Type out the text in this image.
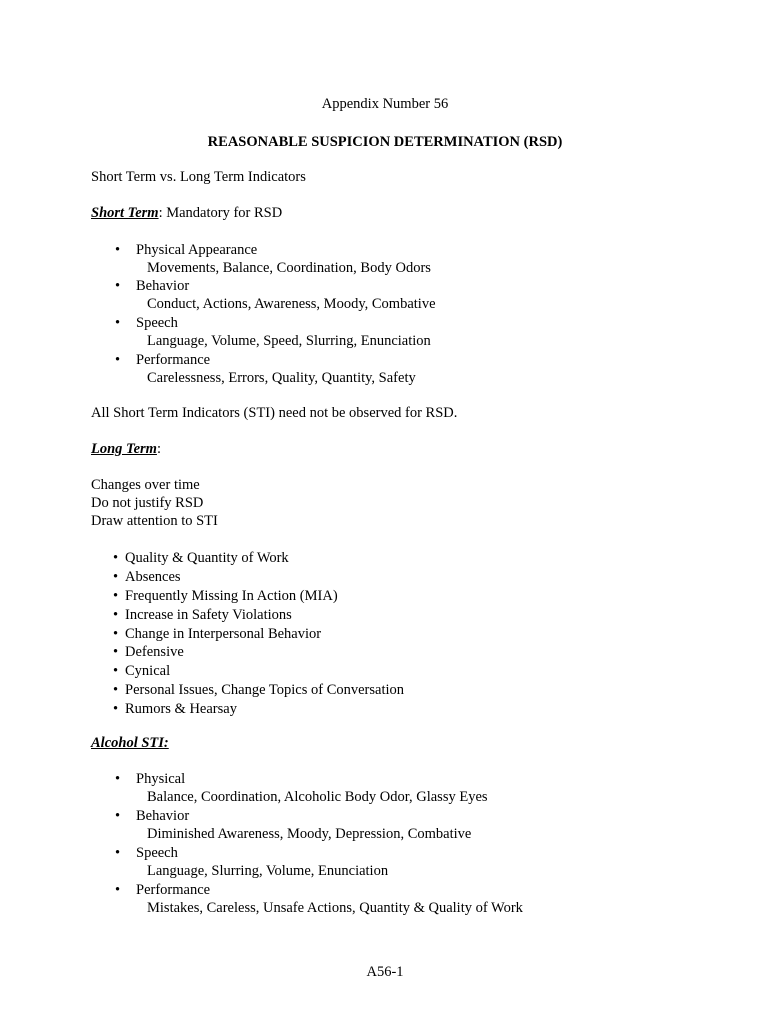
Appendix Number 56
REASONABLE SUSPICION DETERMINATION (RSD)
Short Term vs. Long Term Indicators
Short Term: Mandatory for RSD
• Physical Appearance
Movements, Balance, Coordination, Body Odors
• Behavior
Conduct, Actions, Awareness, Moody, Combative
• Speech
Language, Volume, Speed, Slurring, Enunciation
• Performance
Carelessness, Errors, Quality, Quantity, Safety
All Short Term Indicators (STI) need not be observed for RSD.
Long Term:
Changes over time
Do not justify RSD
Draw attention to STI
• Quality & Quantity of Work
• Absences
• Frequently Missing In Action (MIA)
• Increase in Safety Violations
• Change in Interpersonal Behavior
• Defensive
• Cynical
• Personal Issues, Change Topics of Conversation
• Rumors & Hearsay
Alcohol STI:
• Physical
Balance, Coordination, Alcoholic Body Odor, Glassy Eyes
• Behavior
Diminished Awareness, Moody, Depression, Combative
• Speech
Language, Slurring, Volume, Enunciation
• Performance
Mistakes, Careless, Unsafe Actions, Quantity & Quality of Work
A56-1
